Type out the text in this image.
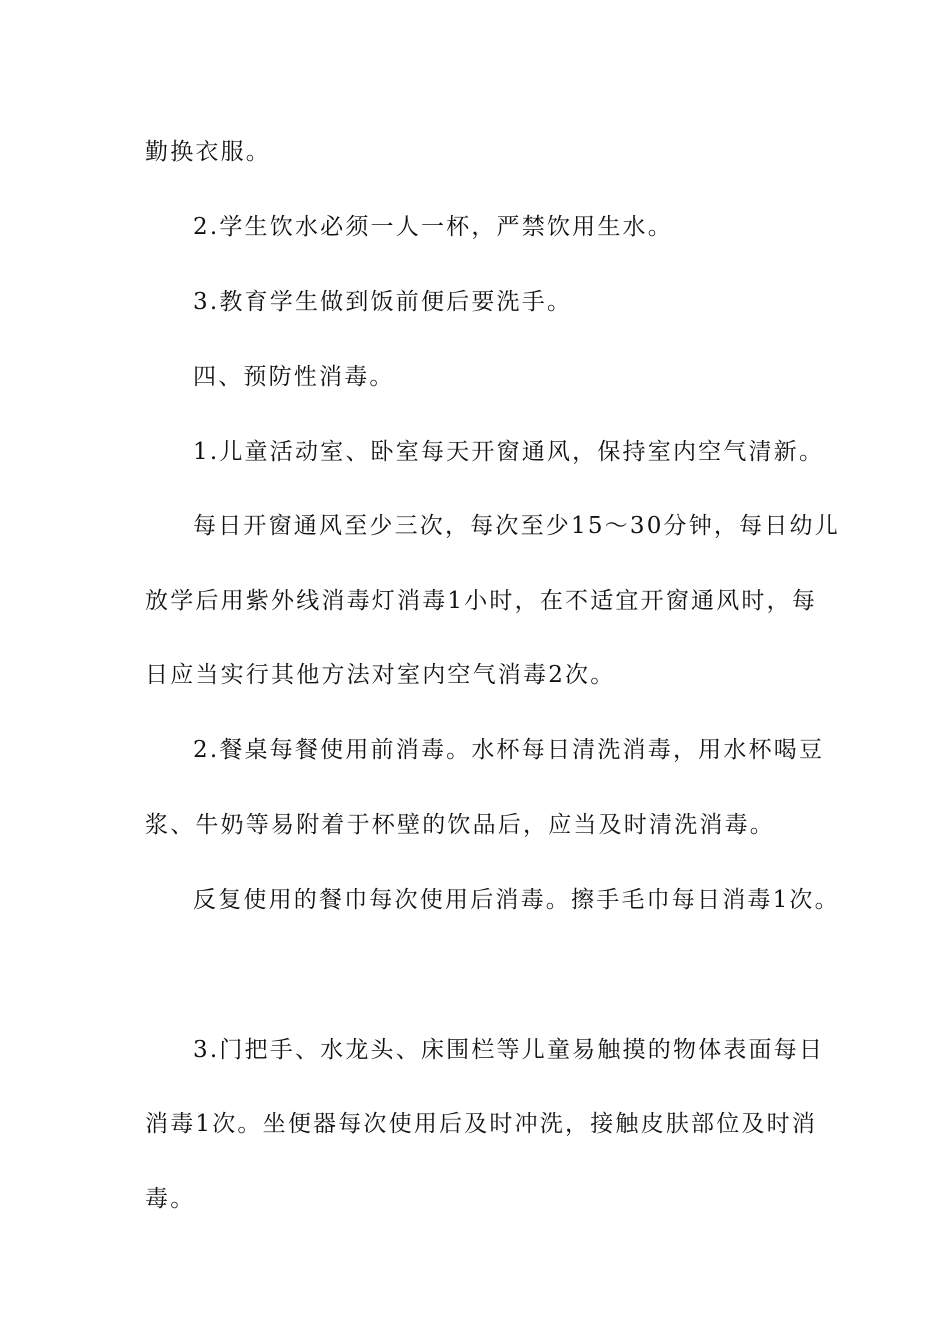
勤换衣服。
2.学生饮水必须一人一杯，严禁饮用生水。
3.教育学生做到饭前便后要洗手。
四、预防性消毒。
1.儿童活动室、卧室每天开窗通风，保持室内空气清新。
每日开窗通风至少三次，每次至少15〜30分钟，每日幼儿
放学后用紫外线消毒灯消毒1小时，在不适宜开窗通风时，每
日应当实行其他方法对室内空气消毒2次。
2.餐桌每餐使用前消毒。水杯每日清洗消毒，用水杯喝豆
浆、牛奶等易附着于杯壁的饮品后，应当及时清洗消毒。
反复使用的餐巾每次使用后消毒。擦手毛巾每日消毒1次。
3.门把手、水龙头、床围栏等儿童易触摸的物体表面每日
消毒1次。坐便器每次使用后及时冲洗，接触皮肤部位及时消
毒。
